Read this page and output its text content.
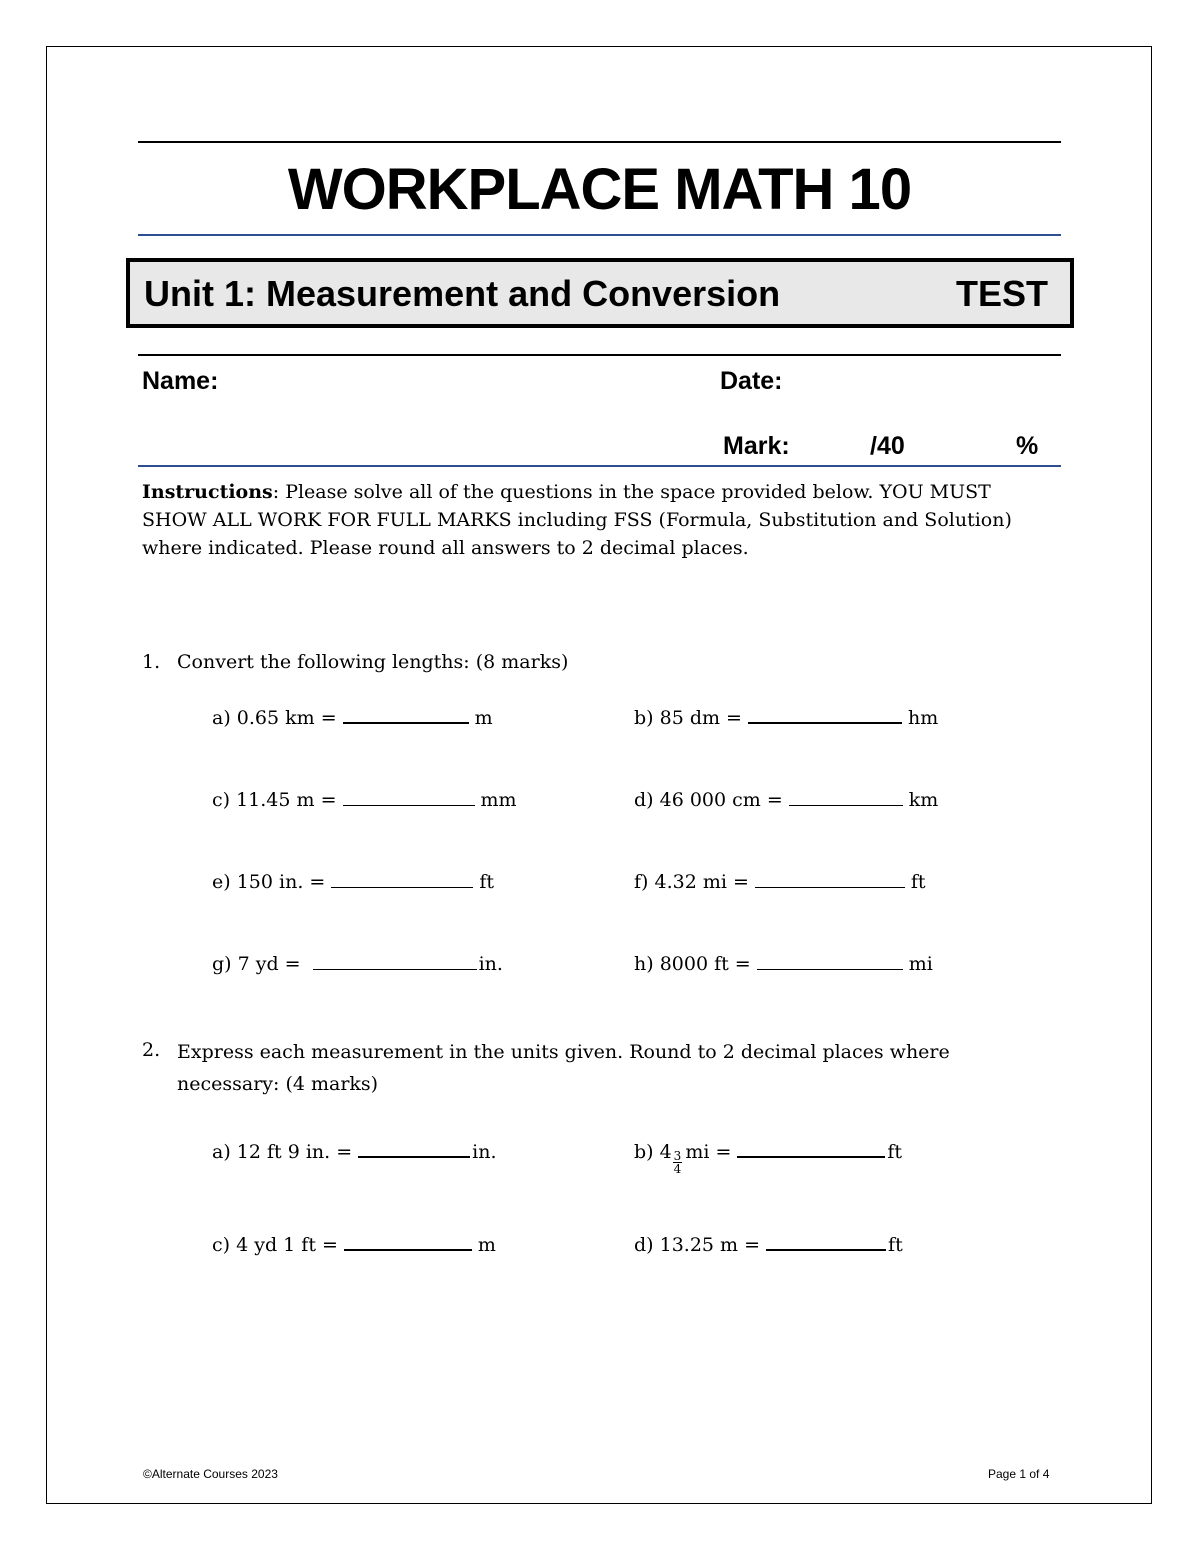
WORKPLACE MATH 10
Unit 1: Measurement and Conversion	TEST
Name:	Date:
Mark:	/40	%
Instructions: Please solve all of the questions in the space provided below. YOU MUST SHOW ALL WORK FOR FULL MARKS including FSS (Formula, Substitution and Solution) where indicated. Please round all answers to 2 decimal places.
1. Convert the following lengths: (8 marks)
a) 0.65 km =	m	b) 85 dm =	hm
c) 11.45 m =	mm	d) 46 000 cm =	km
e) 150 in. =	ft	f) 4.32 mi =	ft
g) 7 yd =	in.	h) 8000 ft =	mi
2. Express each measurement in the units given. Round to 2 decimal places where necessary: (4 marks)
a) 12 ft 9 in. =	in.	b) $4 \frac{3}{4}$ mi =	ft
c) 4 yd 1 ft =	m	d) 13.25 m =	ft
©Alternate Courses 2023	Page 1 of 4
